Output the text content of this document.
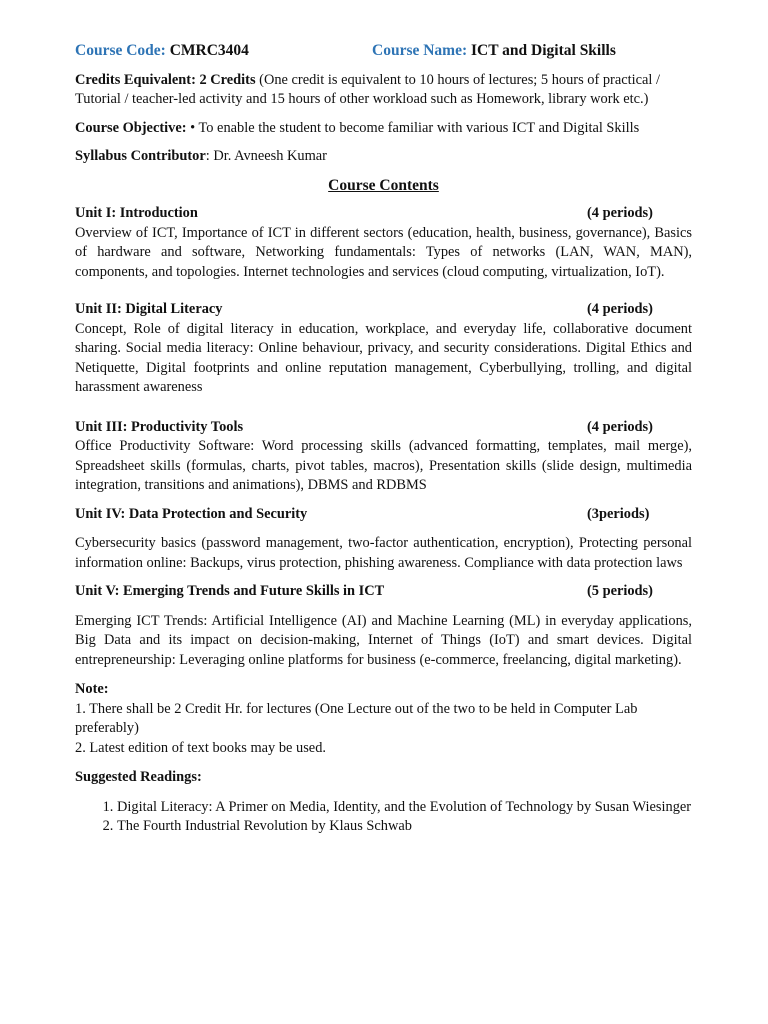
Course Code: CMRC3404	Course Name: ICT and Digital Skills

Credits Equivalent: 2 Credits (One credit is equivalent to 10 hours of lectures; 5 hours of practical / Tutorial / teacher-led activity and 15 hours of other workload such as Homework, library work etc.)

Course Objective: • To enable the student to become familiar with various ICT and Digital Skills

Syllabus Contributor: Dr. Avneesh Kumar

Course Contents

Unit I: Introduction	(4 periods)

Overview of ICT, Importance of ICT in different sectors (education, health, business, governance), Basics of hardware and software, Networking fundamentals: Types of networks (LAN, WAN, MAN), components, and topologies. Internet technologies and services (cloud computing, virtualization, IoT).

Unit II: Digital Literacy	(4 periods)

Concept, Role of digital literacy in education, workplace, and everyday life, collaborative document sharing. Social media literacy: Online behaviour, privacy, and security considerations. Digital Ethics and Netiquette, Digital footprints and online reputation management, Cyberbullying, trolling, and digital harassment awareness

Unit III: Productivity Tools	(4 periods)

Office Productivity Software: Word processing skills (advanced formatting, templates, mail merge), Spreadsheet skills (formulas, charts, pivot tables, macros), Presentation skills (slide design, multimedia integration, transitions and animations), DBMS and RDBMS

Unit IV: Data Protection and Security	(3periods)

Cybersecurity basics (password management, two-factor authentication, encryption), Protecting personal information online: Backups, virus protection, phishing awareness. Compliance with data protection laws

Unit V: Emerging Trends and Future Skills in ICT	(5 periods)

Emerging ICT Trends: Artificial Intelligence (AI) and Machine Learning (ML) in everyday applications, Big Data and its impact on decision-making, Internet of Things (IoT) and smart devices. Digital entrepreneurship: Leveraging online platforms for business (e-commerce, freelancing, digital marketing).

Note:

1. There shall be 2 Credit Hr. for lectures (One Lecture out of the two to be held in Computer Lab preferably)

2. Latest edition of text books may be used.

Suggested Readings:
1. Digital Literacy: A Primer on Media, Identity, and the Evolution of Technology by Susan Wiesinger
2. The Fourth Industrial Revolution by Klaus Schwab
